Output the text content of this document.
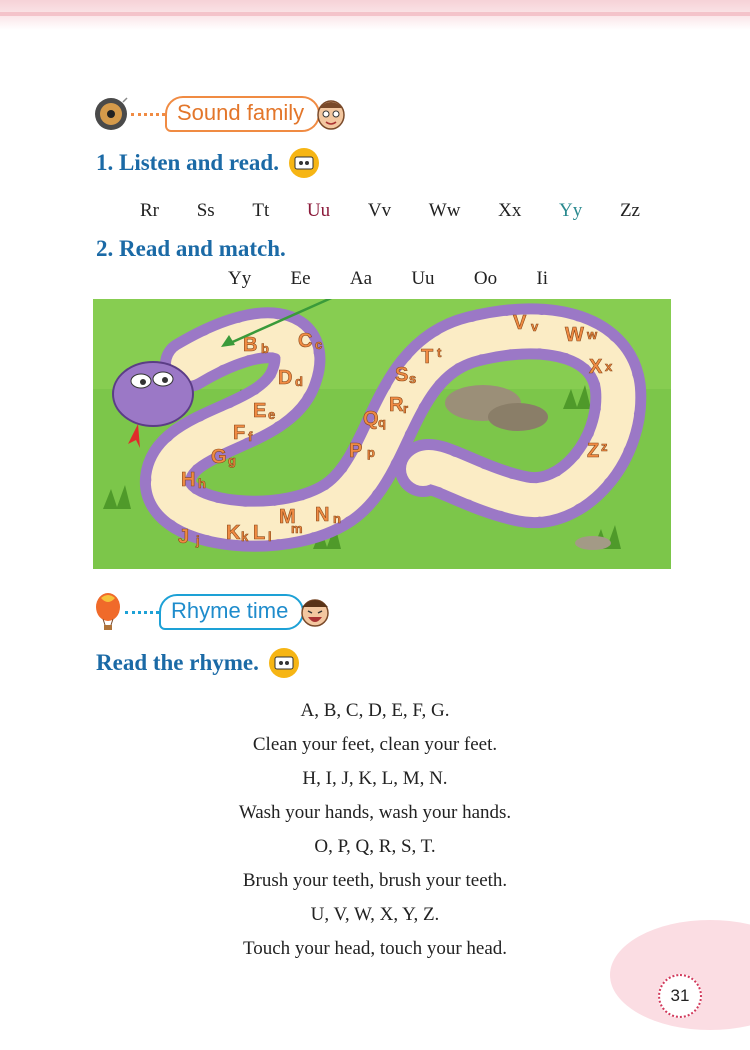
Sound family
1. Listen and read.
Rr Ss Tt Uu Vv Ww Xx Yy Zz
2. Read and match.
Yy Ee Aa Uu Oo Ii
B b C c
D d
E e
F f
G g
H h
J j K k L l
M
m
N n
P p
Q q
R r
S s
T t
V v W w
X x
Z z
Rhyme time
Read the rhyme.
A, B, C, D, E, F, G.
Clean your feet, clean your feet.
H, I, J, K, L, M, N.
Wash your hands, wash your hands.
O, P, Q, R, S, T.
Brush your teeth, brush your teeth.
U, V, W, X, Y, Z.
Touch your head, touch your head.
31
